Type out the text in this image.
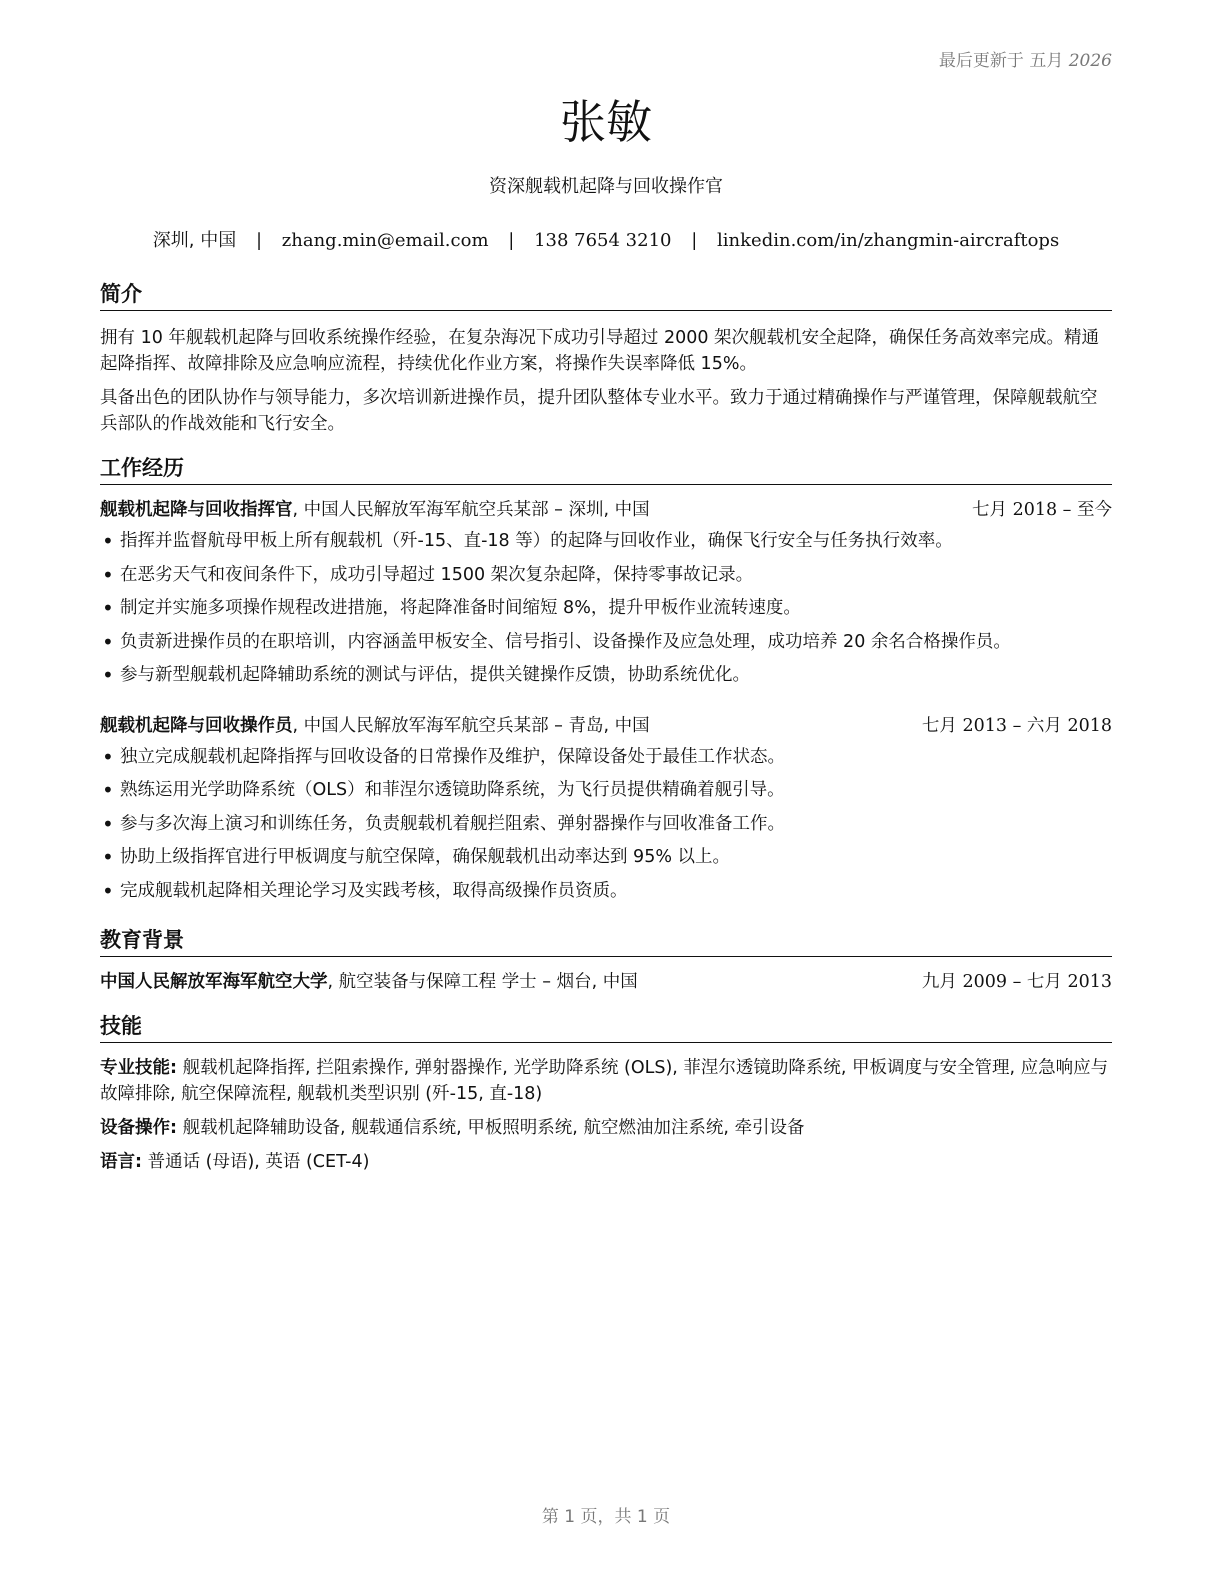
最后更新于 五月 2026
张敏
资深舰载机起降与回收操作官
深圳, 中国 | zhang.min@email.com | 138 7654 3210 | linkedin.com/in/zhangmin-aircraftops
简介

拥有 10 年舰载机起降与回收系统操作经验，在复杂海况下成功引导超过 2000 架次舰载机安全起降，确保任务高效率完成。精通起降指挥、故障排除及应急响应流程，持续优化作业方案，将操作失误率降低 15%。

具备出色的团队协作与领导能力，多次培训新进操作员，提升团队整体专业水平。致力于通过精确操作与严谨管理，保障舰载航空兵部队的作战效能和飞行安全。

工作经历
舰载机起降与回收指挥官, 中国人民解放军海军航空兵某部 – 深圳, 中国	七月 2018 – 至今
• 指挥并监督航母甲板上所有舰载机（歼-15、直-18 等）的起降与回收作业，确保飞行安全与任务执行效率。
• 在恶劣天气和夜间条件下，成功引导超过 1500 架次复杂起降，保持零事故记录。
• 制定并实施多项操作规程改进措施，将起降准备时间缩短 8%，提升甲板作业流转速度。
• 负责新进操作员的在职培训，内容涵盖甲板安全、信号指引、设备操作及应急处理，成功培养 20 余名合格操作员。
• 参与新型舰载机起降辅助系统的测试与评估，提供关键操作反馈，协助系统优化。
舰载机起降与回收操作员, 中国人民解放军海军航空兵某部 – 青岛, 中国	七月 2013 – 六月 2018
• 独立完成舰载机起降指挥与回收设备的日常操作及维护，保障设备处于最佳工作状态。
• 熟练运用光学助降系统（OLS）和菲涅尔透镜助降系统，为飞行员提供精确着舰引导。
• 参与多次海上演习和训练任务，负责舰载机着舰拦阻索、弹射器操作与回收准备工作。
• 协助上级指挥官进行甲板调度与航空保障，确保舰载机出动率达到 95% 以上。
• 完成舰载机起降相关理论学习及实践考核，取得高级操作员资质。
教育背景
中国人民解放军海军航空大学, 航空装备与保障工程 学士 – 烟台, 中国	九月 2009 – 七月 2013
技能

专业技能: 舰载机起降指挥, 拦阻索操作, 弹射器操作, 光学助降系统 (OLS), 菲涅尔透镜助降系统, 甲板调度与安全管理, 应急响应与故障排除, 航空保障流程, 舰载机类型识别 (歼-15, 直-18)

设备操作: 舰载机起降辅助设备, 舰载通信系统, 甲板照明系统, 航空燃油加注系统, 牵引设备

语言: 普通话 (母语), 英语 (CET-4)

第 1 页，共 1 页
